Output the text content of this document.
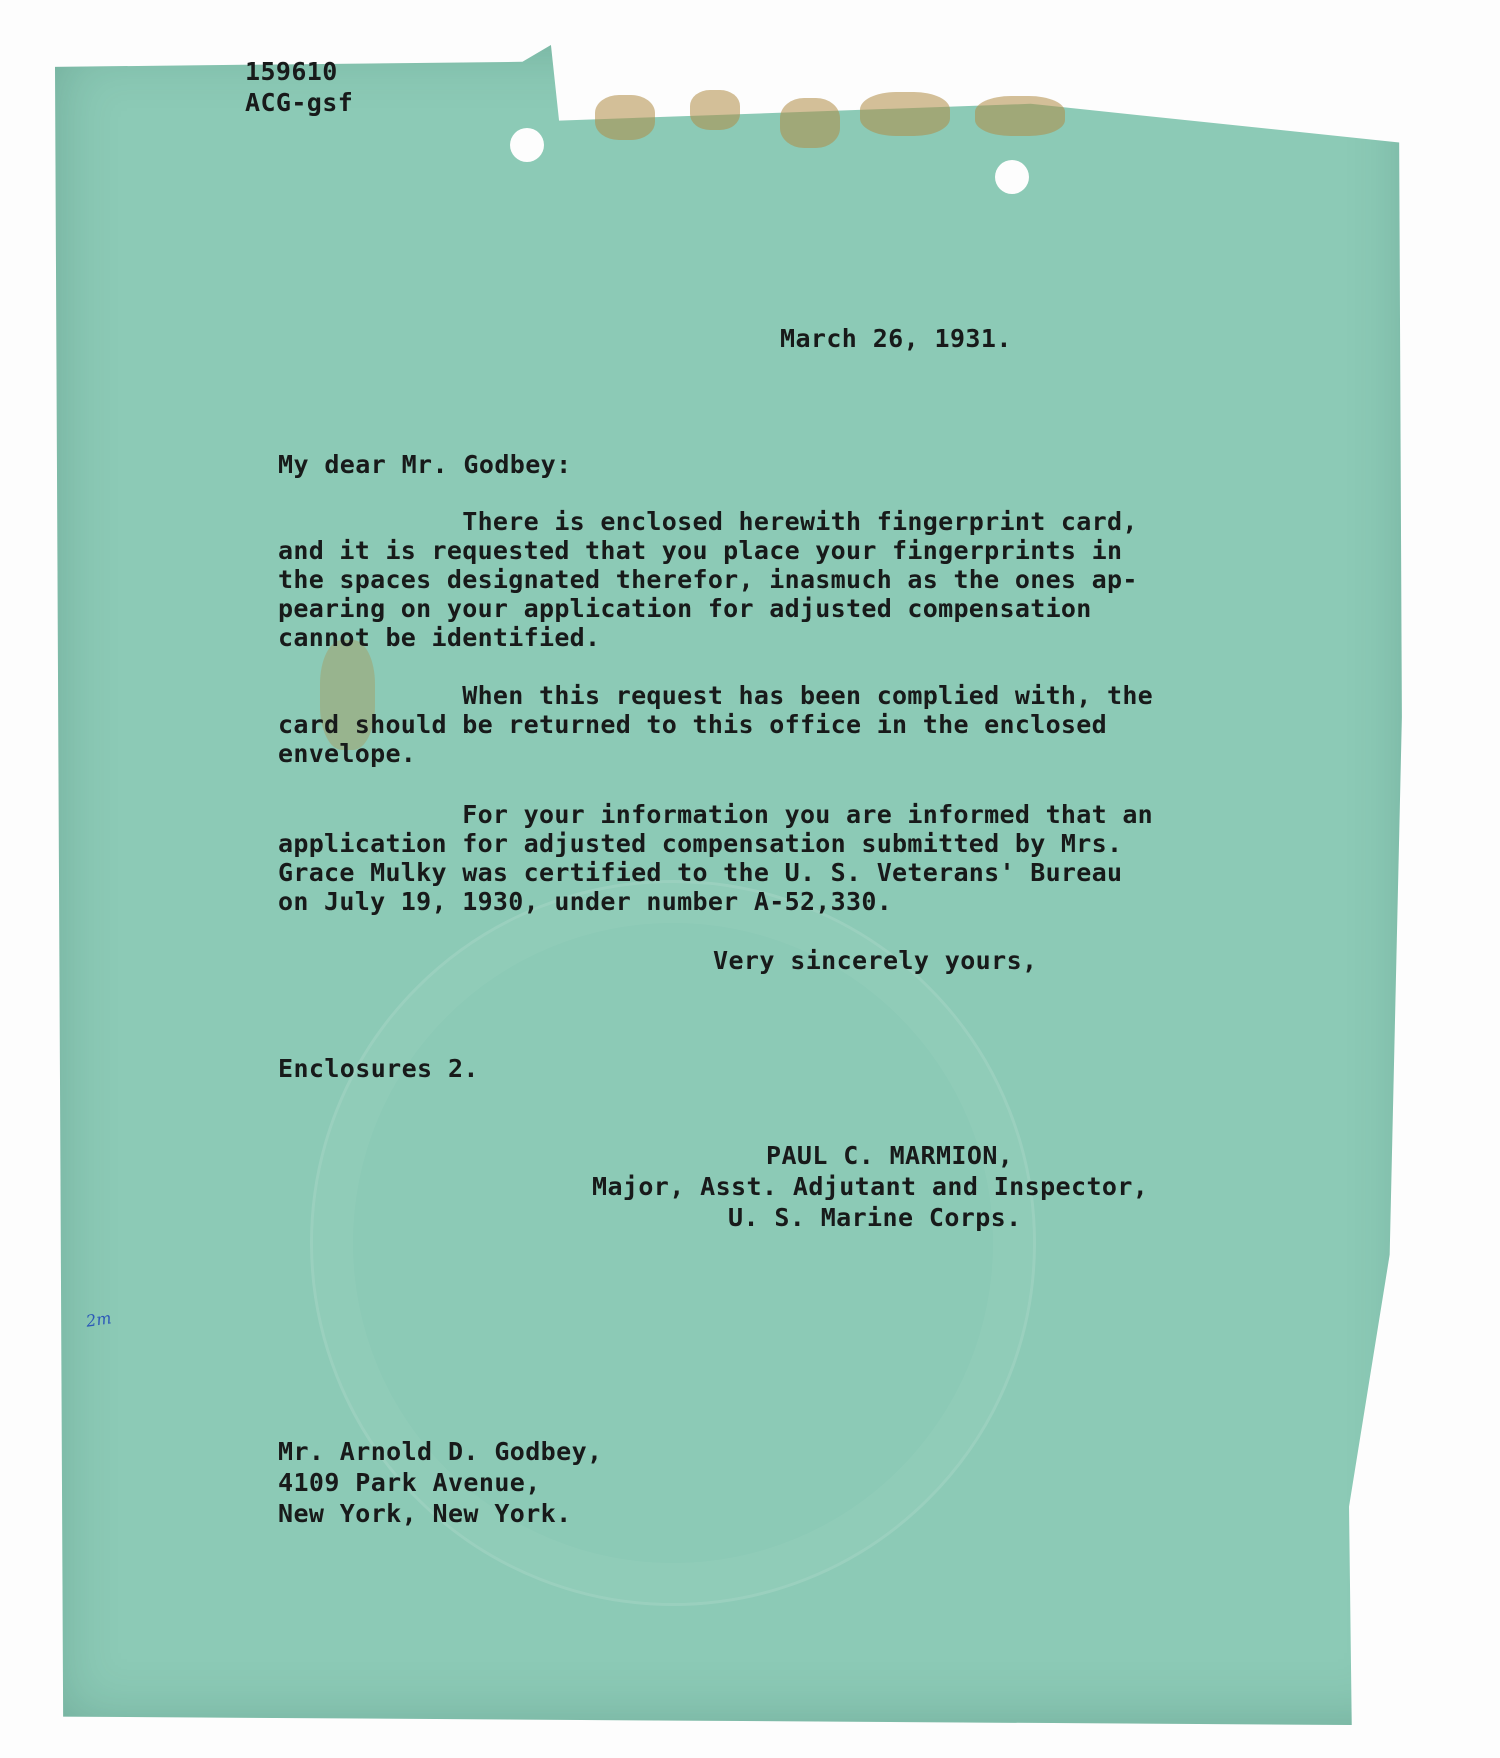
159610
ACG-gsf
March 26, 1931.
My dear Mr. Godbey:
There is enclosed herewith fingerprint card,
and it is requested that you place your fingerprints in
the spaces designated therefor, inasmuch as the ones ap-
pearing on your application for adjusted compensation
cannot be identified.
When this request has been complied with, the
card should be returned to this office in the enclosed
envelope.
For your information you are informed that an
application for adjusted compensation submitted by Mrs.
Grace Mulky was certified to the U. S. Veterans' Bureau
on July 19, 1930, under number A-52,330.
Very sincerely yours,
Enclosures 2.
PAUL C. MARMION,
Major, Asst. Adjutant and Inspector,
U. S. Marine Corps.
2m
Mr. Arnold D. Godbey,
4109 Park Avenue,
New York, New York.
